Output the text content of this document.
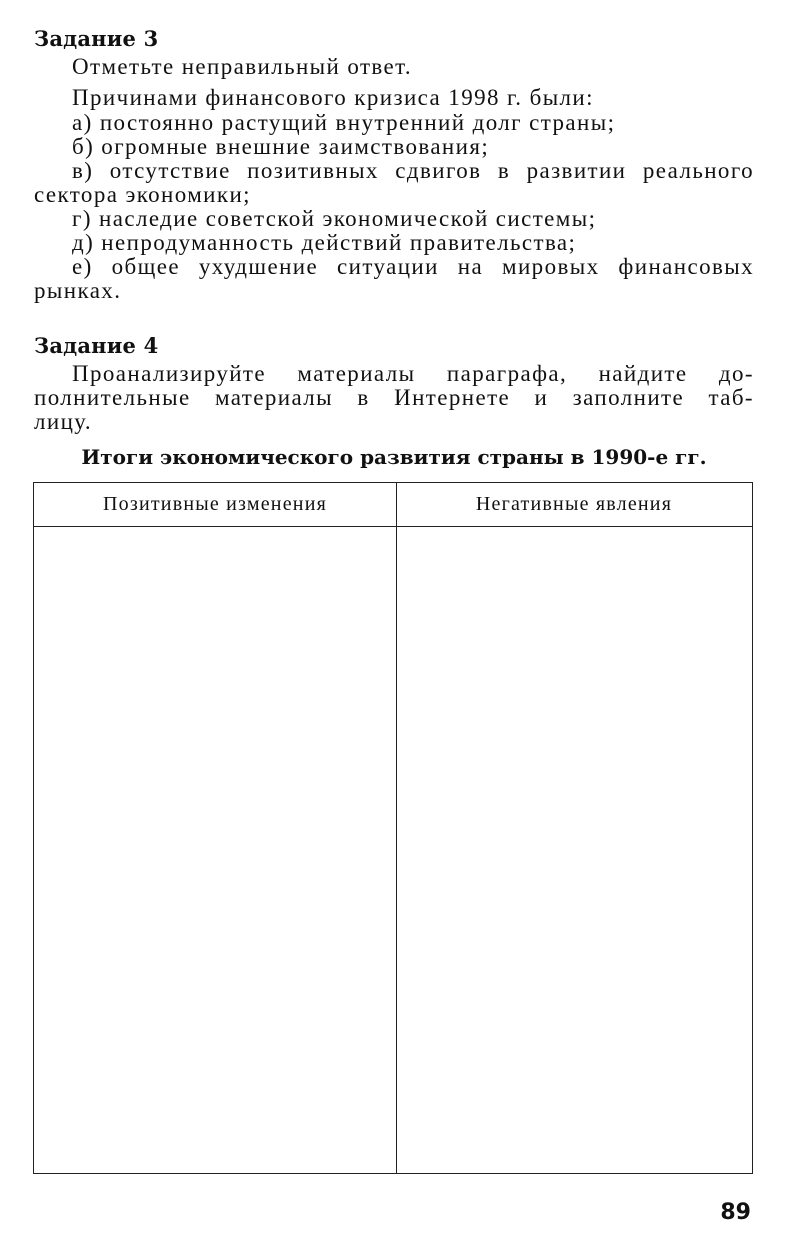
Задание 3
Отметьте неправильный ответ.
Причинами финансового кризиса 1998 г. были:
а) постоянно растущий внутренний долг страны;
б) огромные внешние заимствования;
в) отсутствие позитивных сдвигов в развитии реального
сектора экономики;
г) наследие советской экономической системы;
д) непродуманность действий правительства;
е) общее ухудшение ситуации на мировых финансовых
рынках.
Задание 4
Проанализируйте материалы параграфа, найдите до-
полнительные материалы в Интернете и заполните таб-
лицу.
Итоги экономического развития страны в 1990-е гг.
Позитивные изменения	Негативные явления
89
